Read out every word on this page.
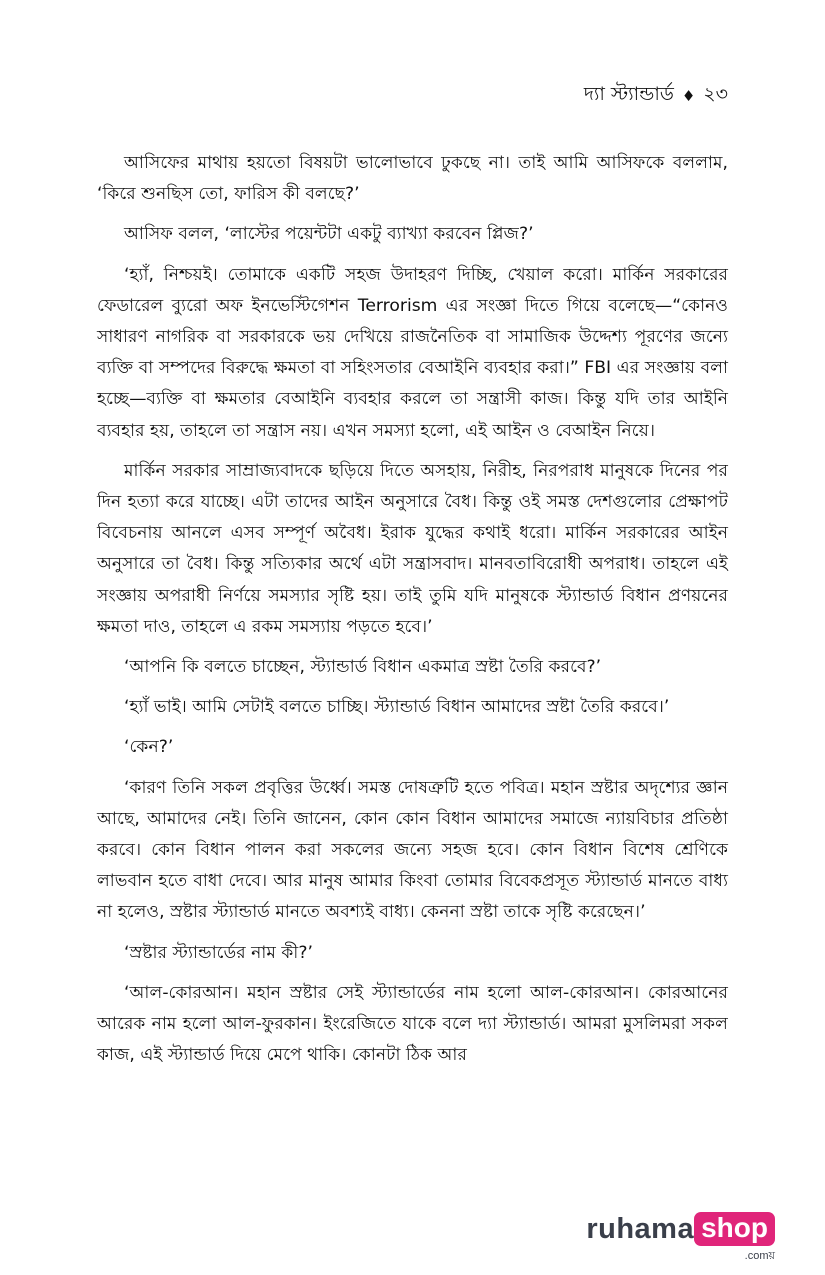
দ্যা স্ট্যান্ডার্ড ♦ ২৩

আসিফের মাথায় হয়তো বিষয়টা ভালোভাবে ঢুকছে না। তাই আমি আসিফকে বললাম, ‘কিরে শুনছিস তো, ফারিস কী বলছে?’

আসিফ বলল, ‘লাস্টের পয়েন্টটা একটু ব্যাখ্যা করবেন প্লিজ?’

‘হ্যাঁ, নিশ্চয়ই। তোমাকে একটি সহজ উদাহরণ দিচ্ছি, খেয়াল করো। মার্কিন সরকারের ফেডারেল ব্যুরো অফ ইনভেস্টিগেশন Terrorism এর সংজ্ঞা দিতে গিয়ে বলেছে—“কোনও সাধারণ নাগরিক বা সরকারকে ভয় দেখিয়ে রাজনৈতিক বা সামাজিক উদ্দেশ্য পূরণের জন্যে ব্যক্তি বা সম্পদের বিরুদ্ধে ক্ষমতা বা সহিংসতার বেআইনি ব্যবহার করা।” FBI এর সংজ্ঞায় বলা হচ্ছে—ব্যক্তি বা ক্ষমতার বেআইনি ব্যবহার করলে তা সন্ত্রাসী কাজ। কিন্তু যদি তার আইনি ব্যবহার হয়, তাহলে তা সন্ত্রাস নয়। এখন সমস্যা হলো, এই আইন ও বেআইন নিয়ে।

মার্কিন সরকার সাম্রাজ্যবাদকে ছড়িয়ে দিতে অসহায়, নিরীহ, নিরপরাধ মানুষকে দিনের পর দিন হত্যা করে যাচ্ছে। এটা তাদের আইন অনুসারে বৈধ। কিন্তু ওই সমস্ত দেশগুলোর প্রেক্ষাপট বিবেচনায় আনলে এসব সম্পূর্ণ অবৈধ। ইরাক যুদ্ধের কথাই ধরো। মার্কিন সরকারের আইন অনুসারে তা বৈধ। কিন্তু সত্যিকার অর্থে এটা সন্ত্রাসবাদ। মানবতাবিরোধী অপরাধ। তাহলে এই সংজ্ঞায় অপরাধী নির্ণয়ে সমস্যার সৃষ্টি হয়। তাই তুমি যদি মানুষকে স্ট্যান্ডার্ড বিধান প্রণয়নের ক্ষমতা দাও, তাহলে এ রকম সমস্যায় পড়তে হবে।’

‘আপনি কি বলতে চাচ্ছেন, স্ট্যান্ডার্ড বিধান একমাত্র স্রষ্টা তৈরি করবে?’

‘হ্যাঁ ভাই। আমি সেটাই বলতে চাচ্ছি। স্ট্যান্ডার্ড বিধান আমাদের স্রষ্টা তৈরি করবে।’

‘কেন?’

‘কারণ তিনি সকল প্রবৃত্তির উর্ধ্বে। সমস্ত দোষত্রুটি হতে পবিত্র। মহান স্রষ্টার অদৃশ্যের জ্ঞান আছে, আমাদের নেই। তিনি জানেন, কোন কোন বিধান আমাদের সমাজে ন্যায়বিচার প্রতিষ্ঠা করবে। কোন বিধান পালন করা সকলের জন্যে সহজ হবে। কোন বিধান বিশেষ শ্রেণিকে লাভবান হতে বাধা দেবে। আর মানুষ আমার কিংবা তোমার বিবেকপ্রসূত স্ট্যান্ডার্ড মানতে বাধ্য না হলেও, স্রষ্টার স্ট্যান্ডার্ড মানতে অবশ্যই বাধ্য। কেননা স্রষ্টা তাকে সৃষ্টি করেছেন।’

‘স্রষ্টার স্ট্যান্ডার্ডের নাম কী?’

‘আল-কোরআন। মহান স্রষ্টার সেই স্ট্যান্ডার্ডের নাম হলো আল-কোরআন। কোরআনের আরেক নাম হলো আল-ফুরকান। ইংরেজিতে যাকে বলে দ্যা স্ট্যান্ডার্ড। আমরা মুসলিমরা সকল কাজ, এই স্ট্যান্ডার্ড দিয়ে মেপে থাকি। কোনটা ঠিক আর

ruhama shop
.comয়
